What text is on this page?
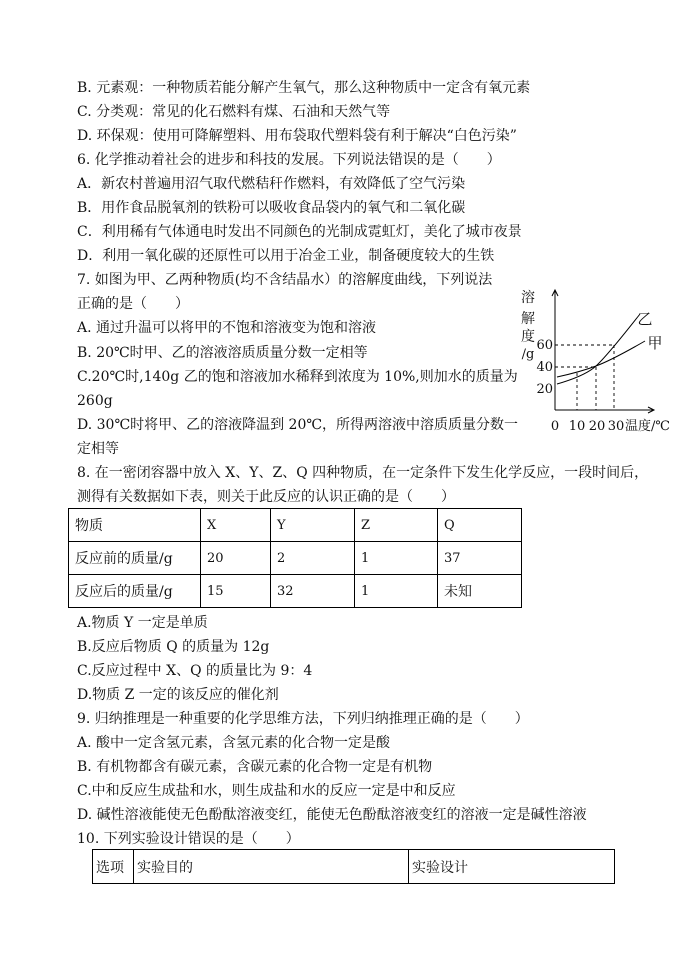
B. 元素观：一种物质若能分解产生氧气，那么这种物质中一定含有氧元素
C. 分类观：常见的化石燃料有煤、石油和天然气等
D. 环保观：使用可降解塑料、用布袋取代塑料袋有利于解决“白色污染”
6. 化学推动着社会的进步和科技的发展。下列说法错误的是（　　）
A．新农村普遍用沼气取代燃秸秆作燃料，有效降低了空气污染
B．用作食品脱氧剂的铁粉可以吸收食品袋内的氧气和二氧化碳
C．利用稀有气体通电时发出不同颜色的光制成霓虹灯，美化了城市夜景
D．利用一氧化碳的还原性可以用于冶金工业，制备硬度较大的生铁
7. 如图为甲、乙两种物质(均不含结晶水）的溶解度曲线，下列说法
正确的是（　　）
A. 通过升温可以将甲的不饱和溶液变为饱和溶液
B. 20℃时甲、乙的溶液溶质质量分数一定相等
C.20℃时,140g 乙的饱和溶液加水稀释到浓度为 10%,则加水的质量为
260g
D. 30℃时将甲、乙的溶液降温到 20℃，所得两溶液中溶质质量分数一
定相等
8. 在一密闭容器中放入 X、Y、Z、Q 四种物质，在一定条件下发生化学反应，一段时间后，
测得有关数据如下表，则关于此反应的认识正确的是（　　）
溶
解
度
/g
乙
甲
60
40
20
0 10 20 30 温度/℃
物质	X	Y	Z	Q
反应前的质量/g	20	2	1	37
反应后的质量/g	15	32	1	未知
A.物质 Y 一定是单质
B.反应后物质 Q 的质量为 12g
C.反应过程中 X、Q 的质量比为 9：4
D.物质 Z 一定的该反应的催化剂
9. 归纳推理是一种重要的化学思维方法，下列归纳推理正确的是（　　）
A. 酸中一定含氢元素，含氢元素的化合物一定是酸
B. 有机物都含有碳元素，含碳元素的化合物一定是有机物
C.中和反应生成盐和水，则生成盐和水的反应一定是中和反应
D. 碱性溶液能使无色酚酞溶液变红，能使无色酚酞溶液变红的溶液一定是碱性溶液
10. 下列实验设计错误的是（　　）
选项	实验目的	实验设计
